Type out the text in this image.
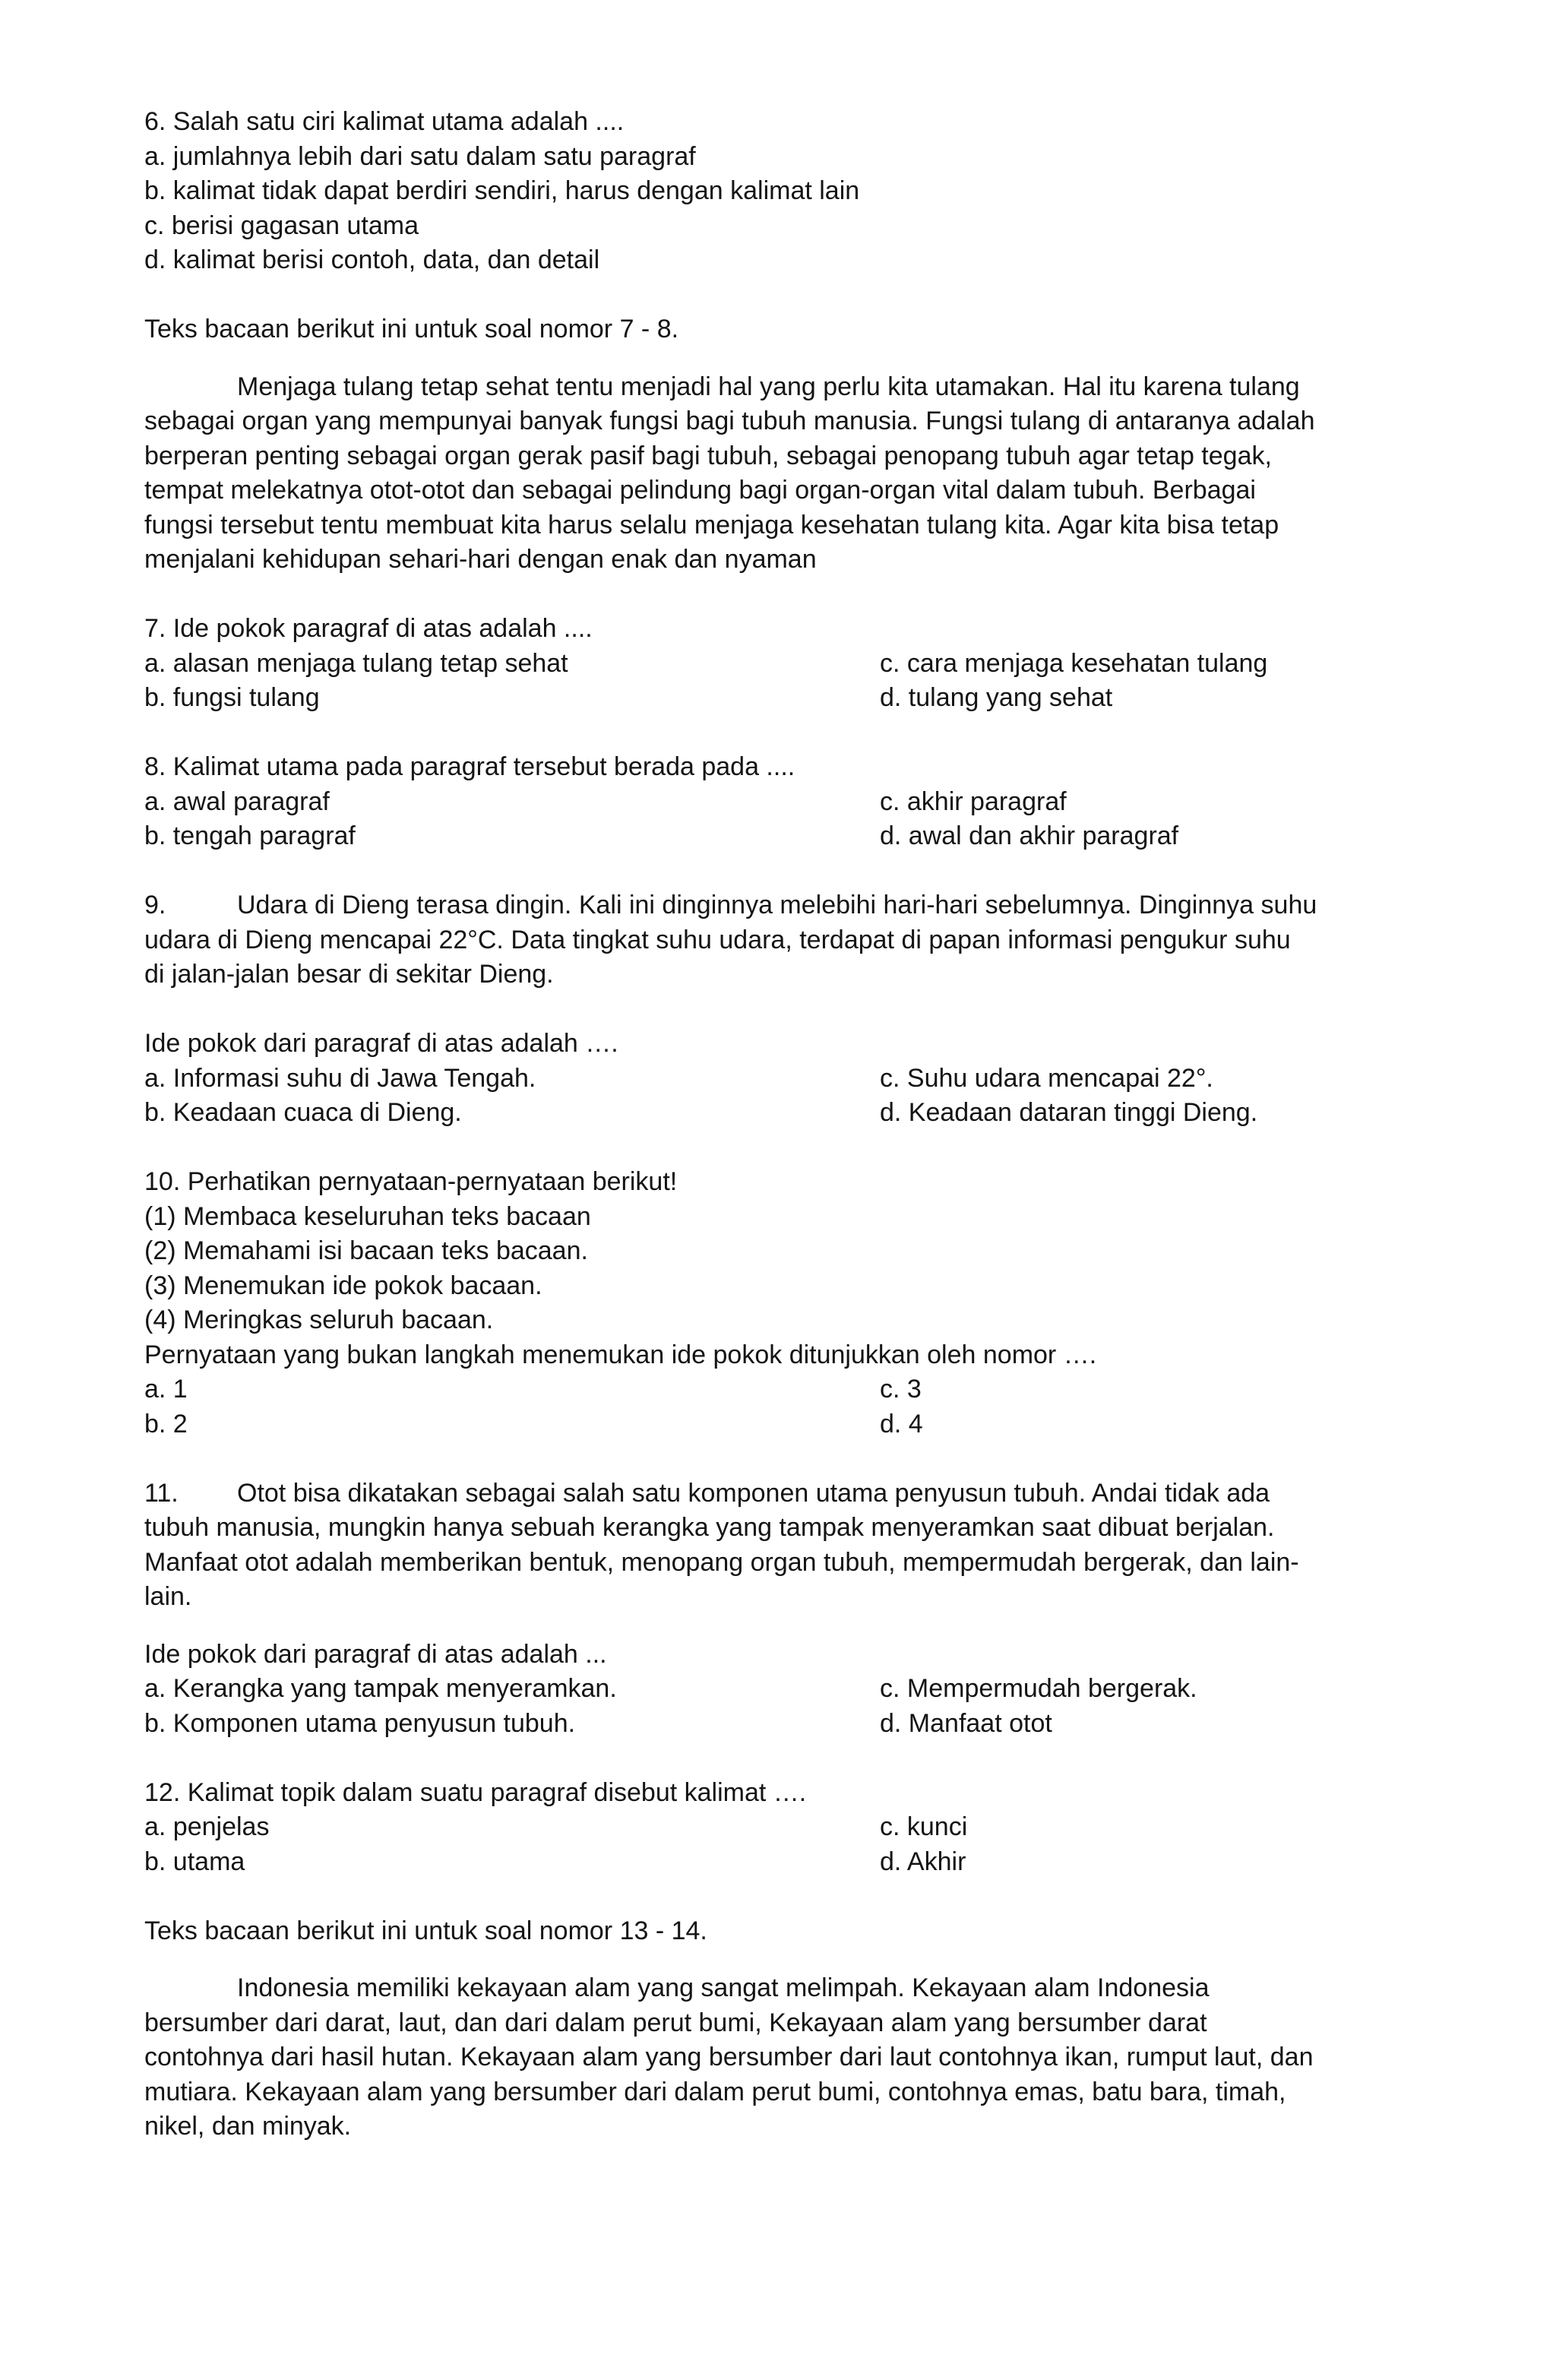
6. Salah satu ciri kalimat utama adalah ....
a. jumlahnya lebih dari satu dalam satu paragraf
b. kalimat tidak dapat berdiri sendiri, harus dengan kalimat lain
c. berisi gagasan utama
d. kalimat berisi contoh, data, dan detail
Teks bacaan berikut ini untuk soal nomor 7 - 8.
Menjaga tulang tetap sehat tentu menjadi hal yang perlu kita utamakan. Hal itu karena tulang
sebagai organ yang mempunyai banyak fungsi bagi tubuh manusia. Fungsi tulang di antaranya adalah
berperan penting sebagai organ gerak pasif bagi tubuh, sebagai penopang tubuh agar tetap tegak,
tempat melekatnya otot-otot dan sebagai pelindung bagi organ-organ vital dalam tubuh. Berbagai
fungsi tersebut tentu membuat kita harus selalu menjaga kesehatan tulang kita. Agar kita bisa tetap
menjalani kehidupan sehari-hari dengan enak dan nyaman
7. Ide pokok paragraf di atas adalah ....
a. alasan menjaga tulang tetap sehat	c. cara menjaga kesehatan tulang
b. fungsi tulang	d. tulang yang sehat
8. Kalimat utama pada paragraf tersebut berada pada ....
a. awal paragraf	c. akhir paragraf
b. tengah paragraf	d. awal dan akhir paragraf
9.	Udara di Dieng terasa dingin. Kali ini dinginnya melebihi hari-hari sebelumnya. Dinginnya suhu
udara di Dieng mencapai 22°C. Data tingkat suhu udara, terdapat di papan informasi pengukur suhu
di jalan-jalan besar di sekitar Dieng.
Ide pokok dari paragraf di atas adalah ….
a. Informasi suhu di Jawa Tengah.	c. Suhu udara mencapai 22°.
b. Keadaan cuaca di Dieng.	d. Keadaan dataran tinggi Dieng.
10. Perhatikan pernyataan-pernyataan berikut!
(1) Membaca keseluruhan teks bacaan
(2) Memahami isi bacaan teks bacaan.
(3) Menemukan ide pokok bacaan.
(4) Meringkas seluruh bacaan.
Pernyataan yang bukan langkah menemukan ide pokok ditunjukkan oleh nomor ….
a. 1	c. 3
b. 2	d. 4
11. Otot bisa dikatakan sebagai salah satu komponen utama penyusun tubuh. Andai tidak ada
tubuh manusia, mungkin hanya sebuah kerangka yang tampak menyeramkan saat dibuat berjalan.
Manfaat otot adalah memberikan bentuk, menopang organ tubuh, mempermudah bergerak, dan lain-
lain.
Ide pokok dari paragraf di atas adalah ...
a. Kerangka yang tampak menyeramkan.	c. Mempermudah bergerak.
b. Komponen utama penyusun tubuh.	d. Manfaat otot
12. Kalimat topik dalam suatu paragraf disebut kalimat ….
a. penjelas	c. kunci
b. utama	d. Akhir
Teks bacaan berikut ini untuk soal nomor 13 - 14.
Indonesia memiliki kekayaan alam yang sangat melimpah. Kekayaan alam Indonesia
bersumber dari darat, laut, dan dari dalam perut bumi, Kekayaan alam yang bersumber darat
contohnya dari hasil hutan. Kekayaan alam yang bersumber dari laut contohnya ikan, rumput laut, dan
mutiara. Kekayaan alam yang bersumber dari dalam perut bumi, contohnya emas, batu bara, timah,
nikel, dan minyak.
